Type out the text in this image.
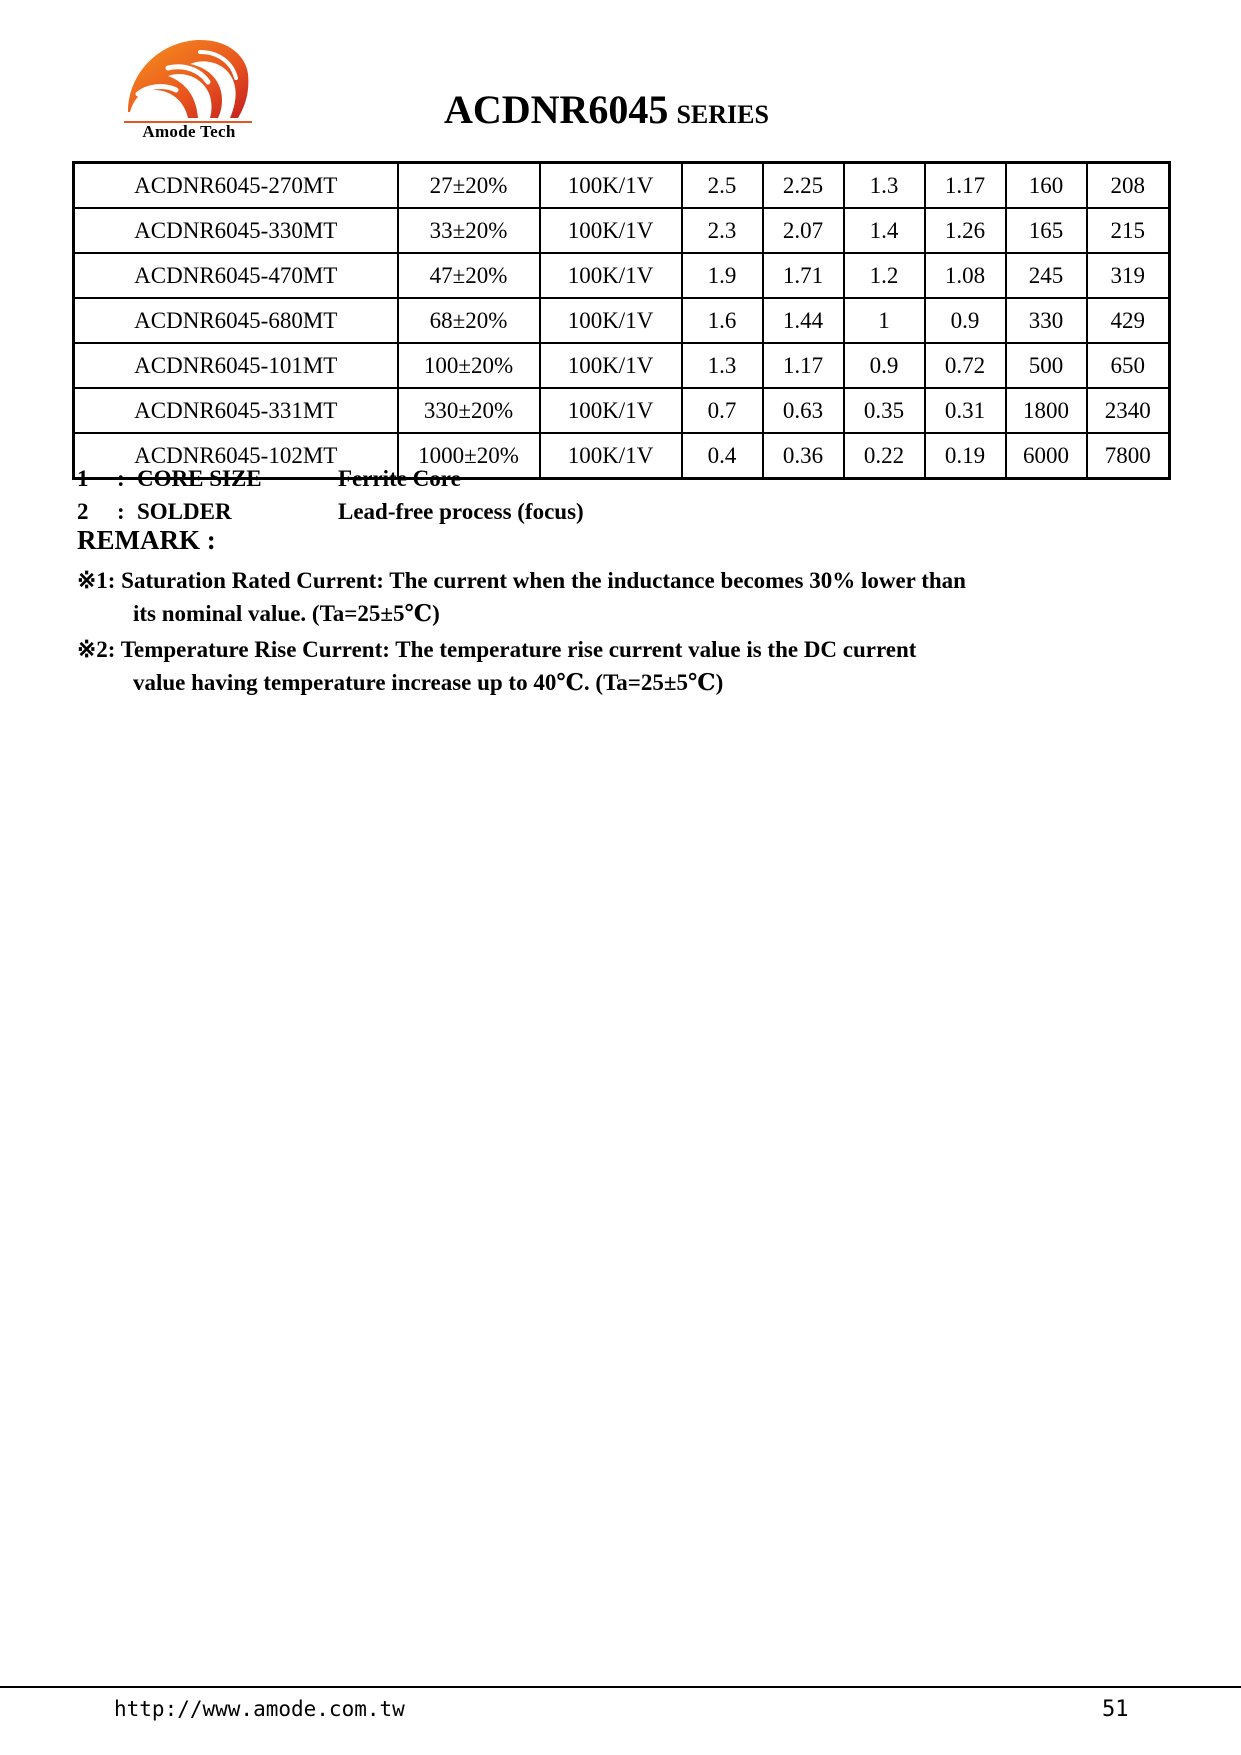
Amode Tech	ACDNR6045 SERIES
ACDNR6045-270MT	27±20%	100K/1V	2.5	2.25	1.3	1.17	160	208
ACDNR6045-330MT	33±20%	100K/1V	2.3	2.07	1.4	1.26	165	215
ACDNR6045-470MT	47±20%	100K/1V	1.9	1.71	1.2	1.08	245	319
ACDNR6045-680MT	68±20%	100K/1V	1.6	1.44	1	0.9	330	429
ACDNR6045-101MT	100±20%	100K/1V	1.3	1.17	0.9	0.72	500	650
ACDNR6045-331MT	330±20%	100K/1V	0.7	0.63	0.35	0.31	1800	2340
ACDNR6045-102MT	1000±20%	100K/1V	0.4	0.36	0.22	0.19	6000	7800
1	: CORE SIZE	Ferrite Core
2	: SOLDER	Lead-free process (focus)
REMARK :
※1: Saturation Rated Current: The current when the inductance becomes 30% lower than
its nominal value. (Ta=25±5℃)
※2: Temperature Rise Current: The temperature rise current value is the DC current
value having temperature increase up to 40℃. (Ta=25±5℃)
http://www.amode.com.tw	51
